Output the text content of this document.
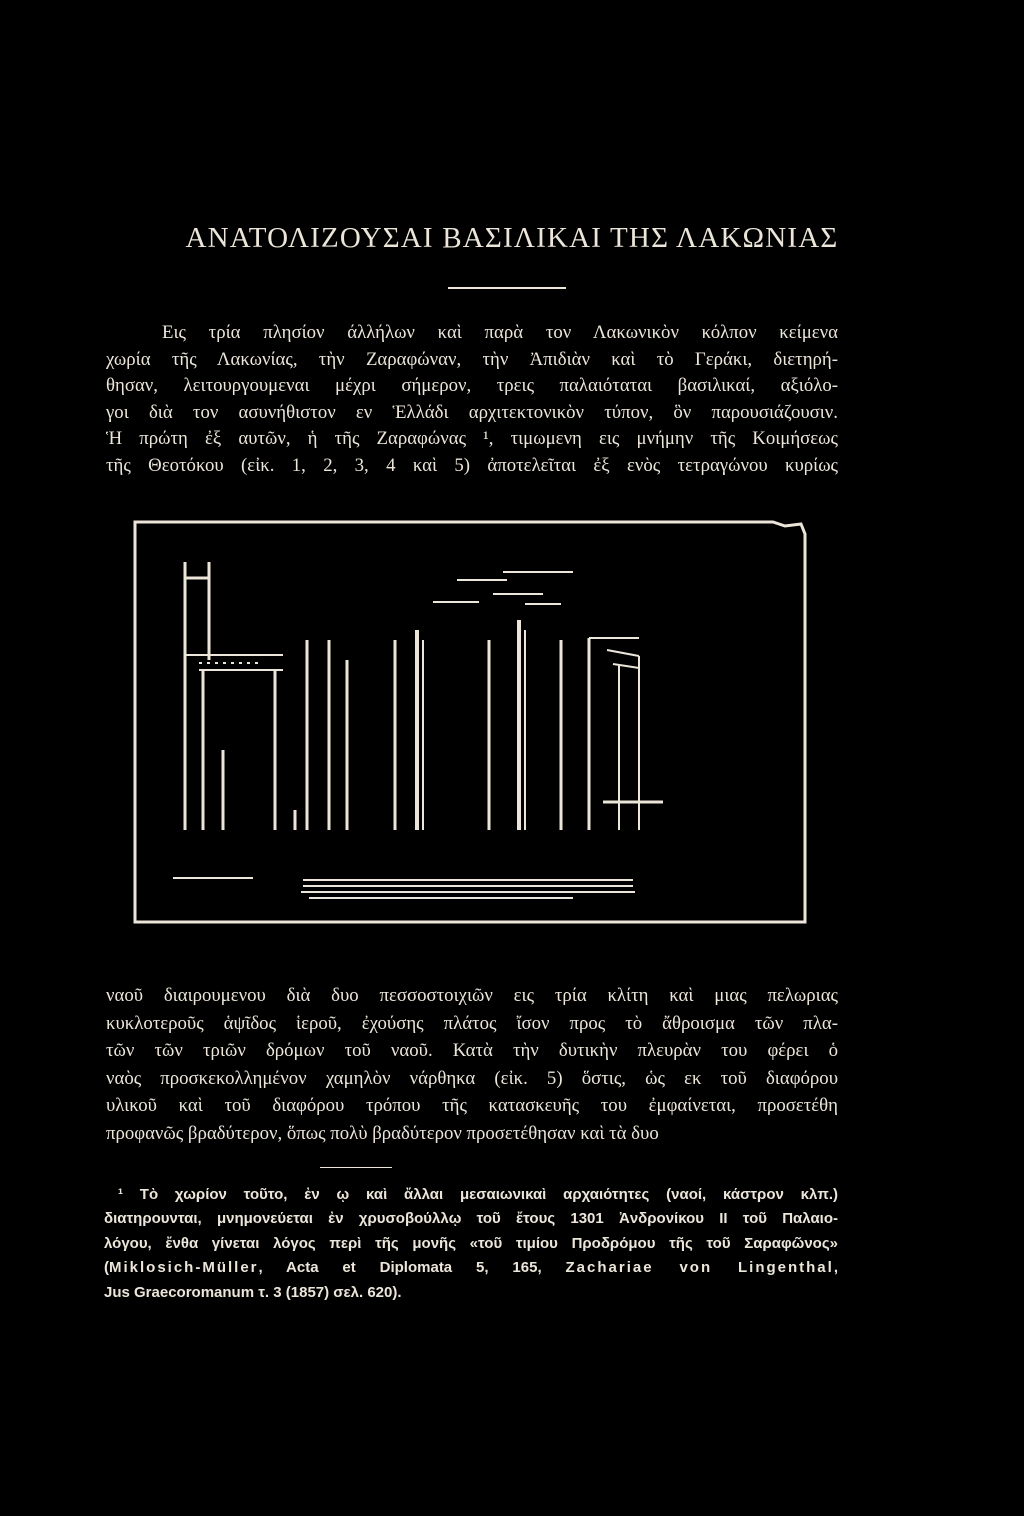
ΑΝΑΤΟΛΙΖΟΥΣΑΙ ΒΑΣΙΛΙΚΑΙ ΤΗΣ ΛΑΚΩΝΙΑΣ
Εις τρία πλησίον άλλήλων καὶ παρὰ τον Λακωνικὸν κόλπον κείμενα
χωρία τῆς Λακωνίας, τὴν Ζαραφώναν, τὴν Ἀπιδιὰν καὶ τὸ Γεράκι, διετηρή-
θησαν, λειτουργουμεναι μέχρι σήμερον, τρεις παλαιόταται βασιλικαί, αξιόλο-
γοι διὰ τον ασυνήθιστον εν Ἑλλάδι αρχιτεκτονικὸν τύπον, ὃν παρουσιάζουσιν.
Ἡ πρώτη ἐξ αυτῶν, ἡ τῆς Ζαραφώνας ¹, τιμωμενη εις μνήμην τῆς Κοιμήσεως
τῆς Θεοτόκου (εἰκ. 1, 2, 3, 4 καὶ 5) ἀποτελεῖται ἐξ ενὸς τετραγώνου κυρίως
ναοῦ διαιρουμενου διὰ δυο πεσσοστοιχιῶν εις τρία κλίτη καὶ μιας πελωριας
κυκλοτεροῦς ἁψῖδος ἱεροῦ, ἐχούσης πλάτος ἴσον προς τὸ ἄθροισμα τῶν πλα-
τῶν τῶν τριῶν δρόμων τοῦ ναοῦ. Κατὰ τὴν δυτικὴν πλευρὰν του φέρει ὁ
ναὸς προσκεκολλημένον χαμηλὸν νάρθηκα (εἰκ. 5) ὅστις, ὡς εκ τοῦ διαφόρου
υλικοῦ καὶ τοῦ διαφόρου τρόπου τῆς κατασκευῆς του ἐμφαίνεται, προσετέθη
προφανῶς βραδύτερον, ὅπως πολὺ βραδύτερον προσετέθησαν καὶ τὰ δυο
¹ Τὸ χωρίον τοῦτο, ἐν ῳ καὶ ἄλλαι μεσαιωνικαὶ αρχαιότητες (ναοί, κάστρον κλπ.)
διατηρουνται, μνημονεύεται ἐν χρυσοβούλλῳ τοῦ ἔτους 1301 Ἀνδρονίκου ΙΙ τοῦ Παλαιο-
λόγου, ἔνθα γίνεται λόγος περὶ τῆς μονῆς «τοῦ τιμίου Προδρόμου τῆς τοῦ Σαραφῶνος»
(Miklosich-Müller, Acta et Diplomata 5, 165, Zachariae von Lingenthal,
Jus Graecoromanum τ. 3 (1857) σελ. 620).
